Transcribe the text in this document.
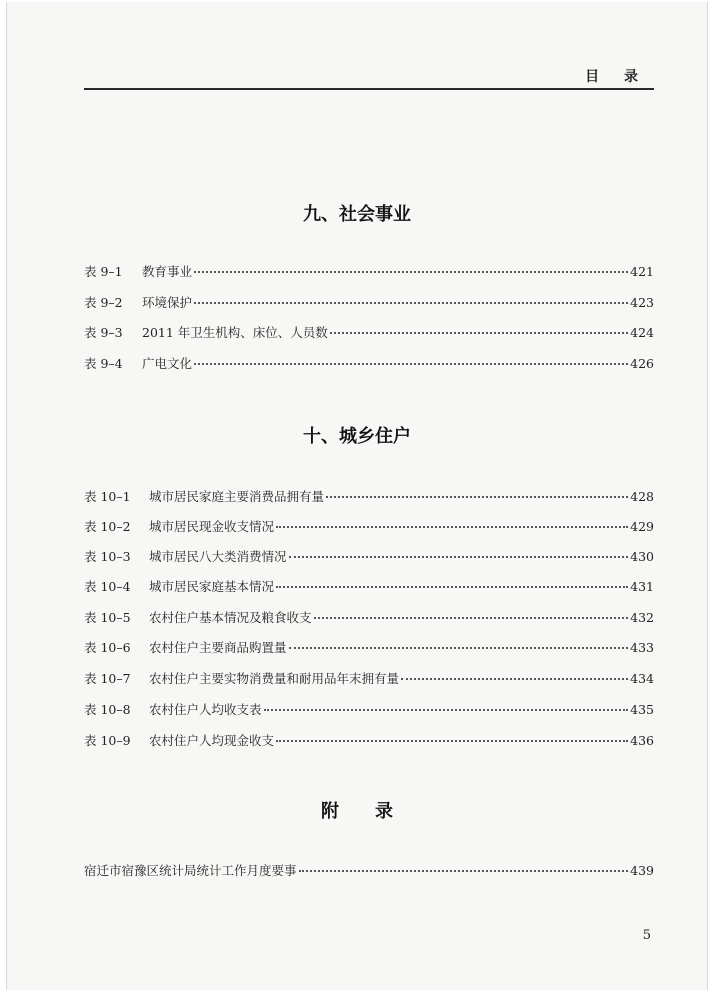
目 录
九、社会事业
表 9–1	教育事业	421
表 9–2	环境保护	423
表 9–3	2011 年卫生机构、床位、人员数	424
表 9–4	广电文化	426
十、城乡住户
表 10–1	城市居民家庭主要消费品拥有量	428
表 10–2	城市居民现金收支情况	429
表 10–3	城市居民八大类消费情况	430
表 10–4	城市居民家庭基本情况	431
表 10–5	农村住户基本情况及粮食收支	432
表 10–6	农村住户主要商品购置量	433
表 10–7	农村住户主要实物消费量和耐用品年末拥有量	434
表 10–8	农村住户人均收支表	435
表 10–9	农村住户人均现金收支	436
附　　录
宿迁市宿豫区统计局统计工作月度要事	439
5
